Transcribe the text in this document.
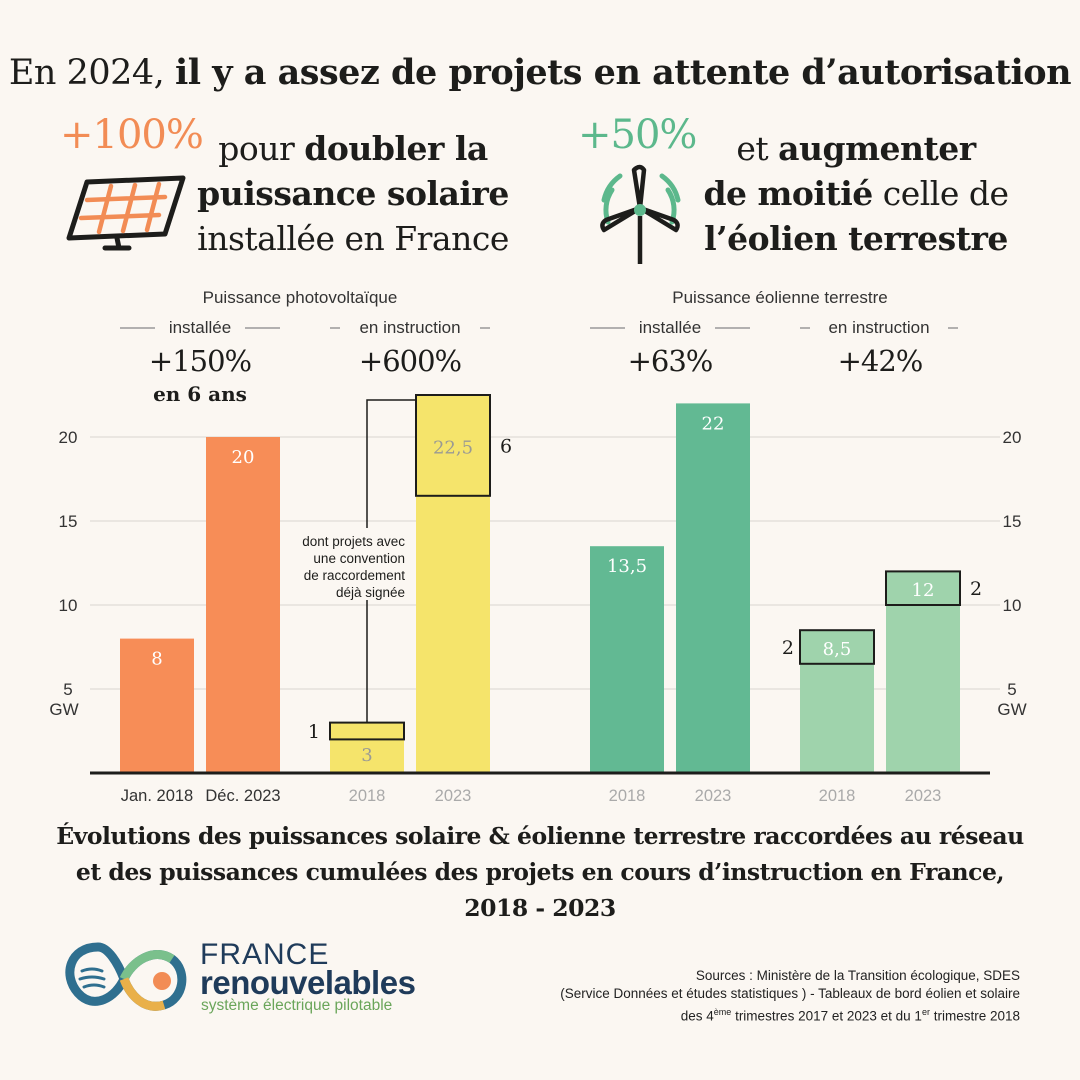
En 2024, il y a assez de projets en attente d’autorisation
+100% pour doubler la
puissance solaire
installée en France
+50%	et augmenter
de moitié celle de
l’éolien terrestre
Puissance photovoltaïque	Puissance éolienne terrestre
installée	en instruction	installée	en instruction
+150%
en 6 ans
+600%	+63%	+42%
5	5
10	10
15	15
20	20
GW	GW
8
Jan. 2018
20
Déc. 2023
1
3
2018
6
22,5
2023
13,5
2018
22
2023
2 8,5
2018
2
12
2023
dont projets avec
une convention
de raccordement
déjà signée
Évolutions des puissances solaire & éolienne terrestre raccordées au réseau
et des puissances cumulées des projets en cours d’instruction en France,
2018 - 2023
FRANCE
renouvelables
système électrique pilotable
Sources : Ministère de la Transition écologique, SDES
(Service Données et études statistiques ) - Tableaux de bord éolien et solaire
des 4ème trimestres 2017 et 2023 et du 1er trimestre 2018
